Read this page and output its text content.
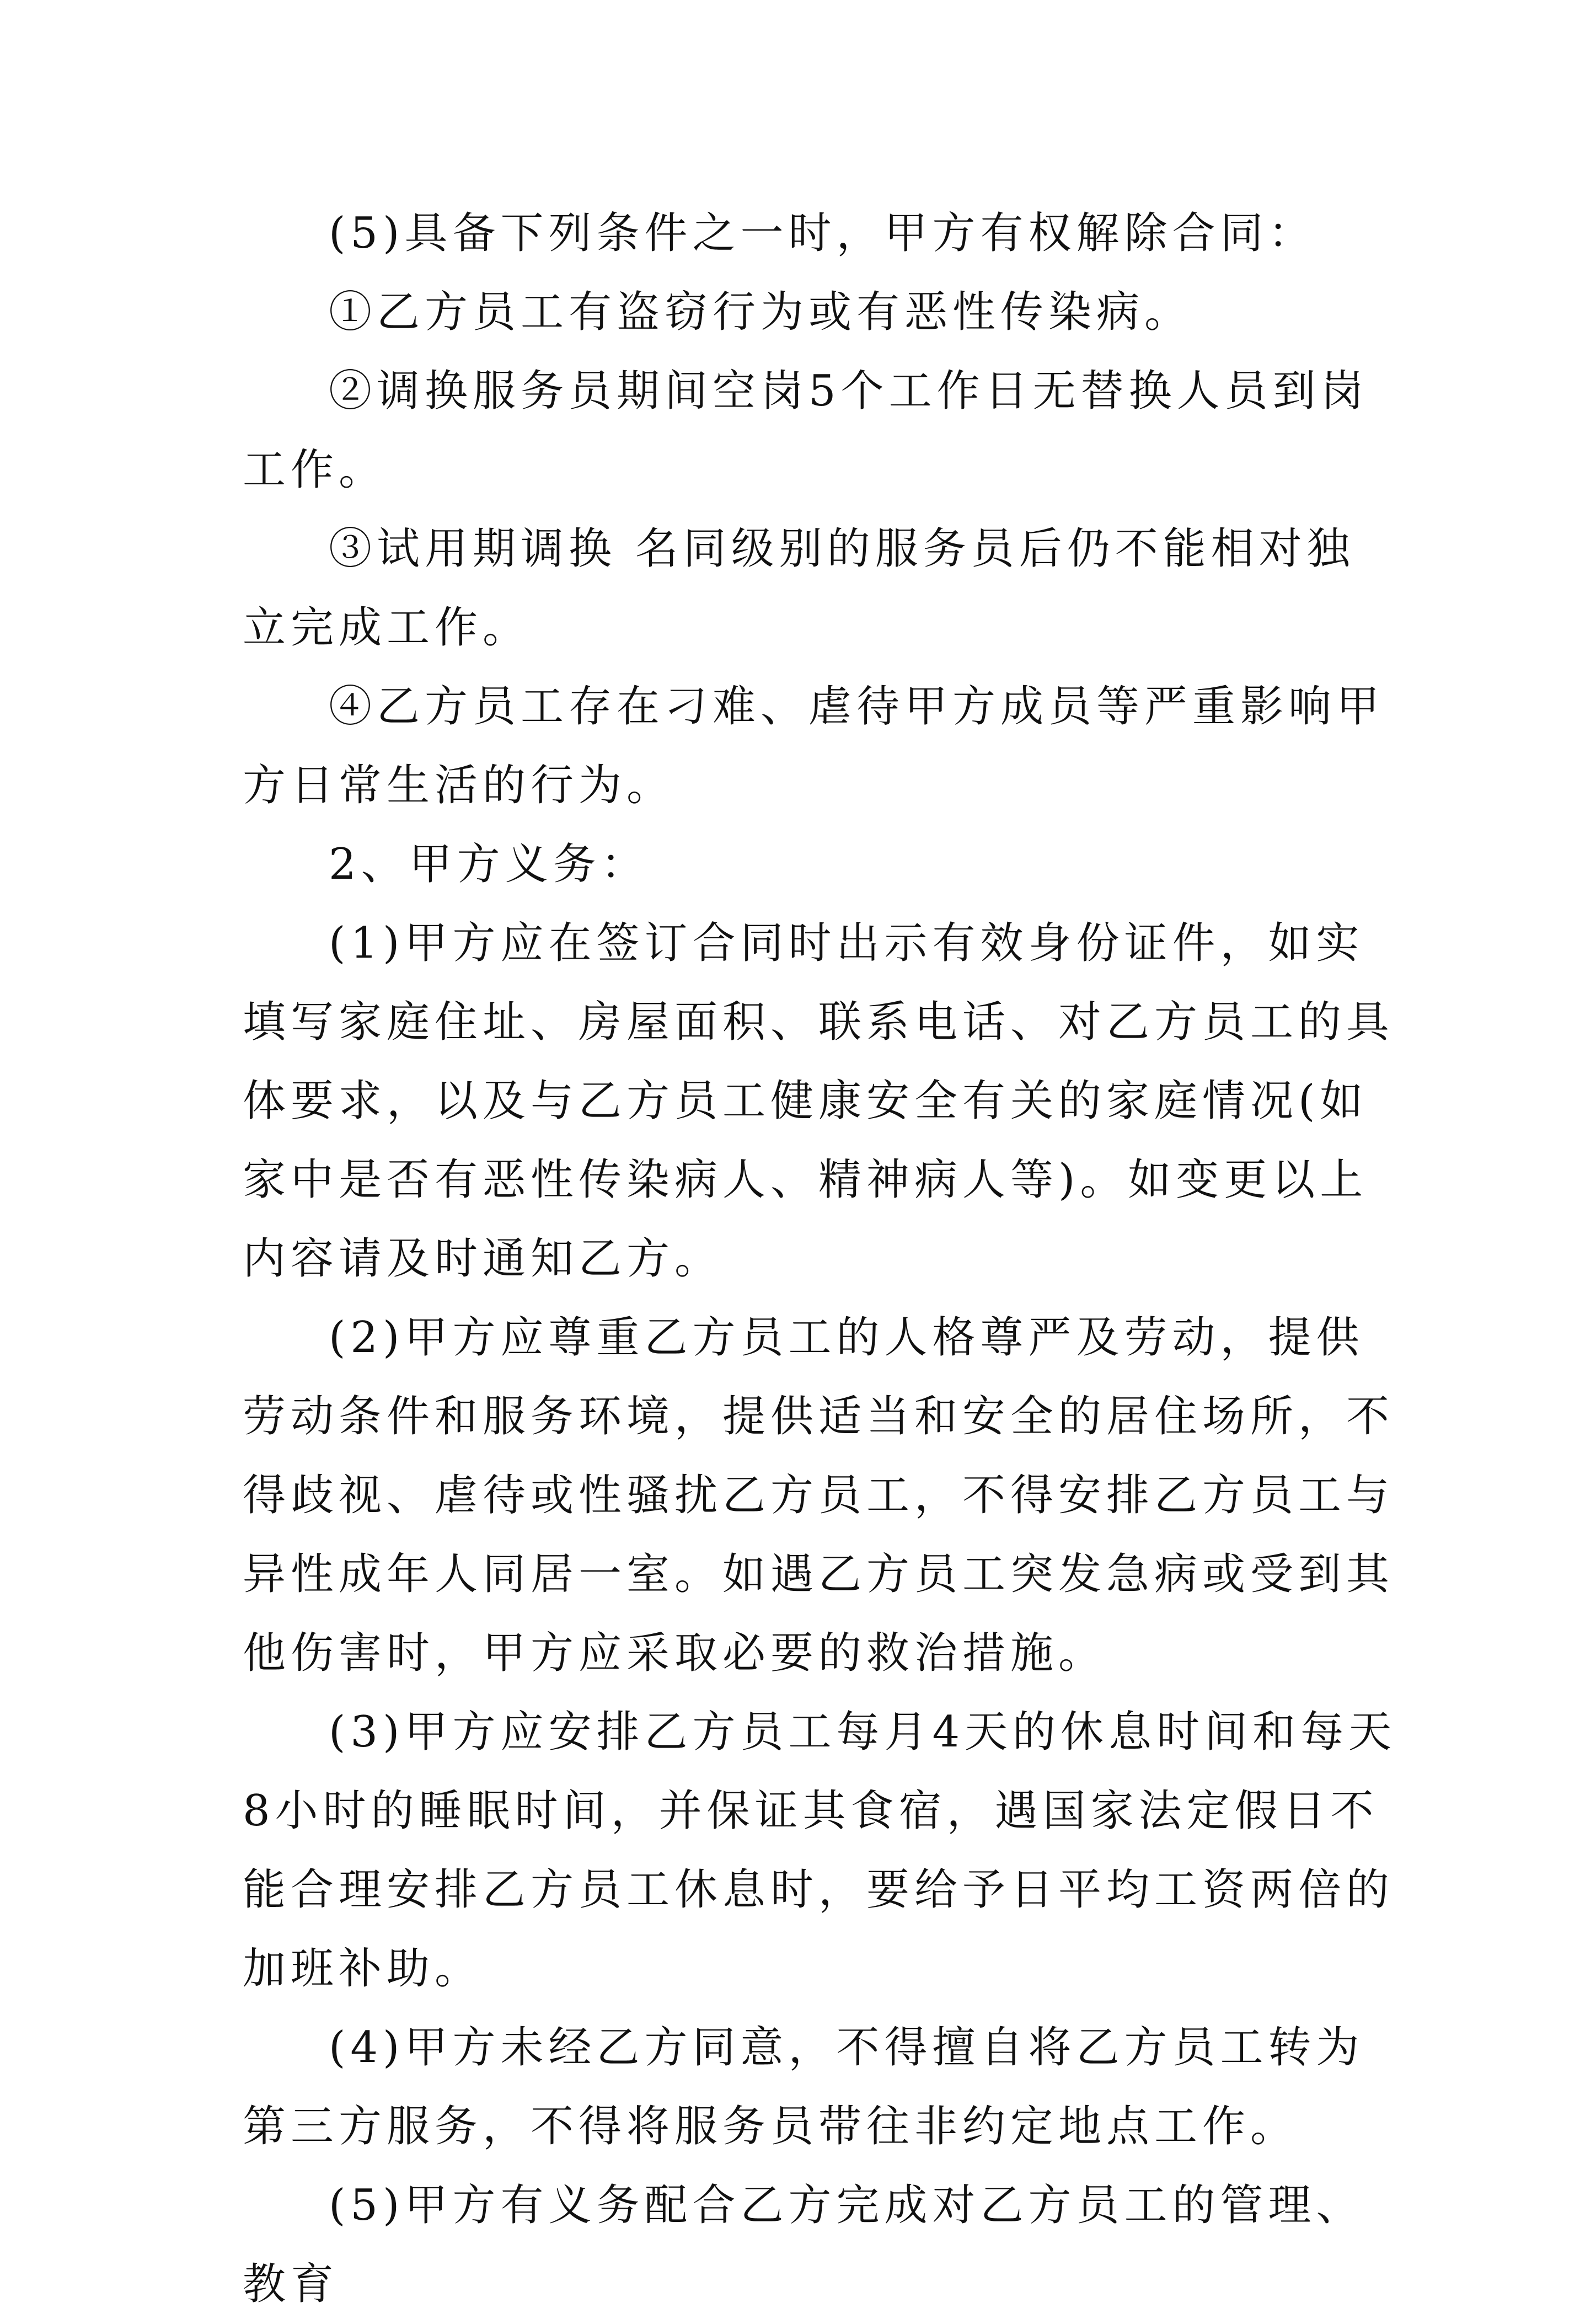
(5)具备下列条件之一时，甲方有权解除合同：

①乙方员工有盗窃行为或有恶性传染病。

②调换服务员期间空岗5个工作日无替换人员到岗工作。

③试用期调换 名同级别的服务员后仍不能相对独立完成工作。

④乙方员工存在刁难、虐待甲方成员等严重影响甲方日常生活的行为。

2、甲方义务：

(1)甲方应在签订合同时出示有效身份证件，如实填写家庭住址、房屋面积、联系电话、对乙方员工的具体要求，以及与乙方员工健康安全有关的家庭情况(如家中是否有恶性传染病人、精神病人等)。如变更以上内容请及时通知乙方。

(2)甲方应尊重乙方员工的人格尊严及劳动，提供劳动条件和服务环境，提供适当和安全的居住场所，不得歧视、虐待或性骚扰乙方员工，不得安排乙方员工与异性成年人同居一室。如遇乙方员工突发急病或受到其他伤害时，甲方应采取必要的救治措施。

(3)甲方应安排乙方员工每月4天的休息时间和每天8小时的睡眠时间，并保证其食宿，遇国家法定假日不能合理安排乙方员工休息时，要给予日平均工资两倍的加班补助。

(4)甲方未经乙方同意，不得擅自将乙方员工转为第三方服务，不得将服务员带往非约定地点工作。

(5)甲方有义务配合乙方完成对乙方员工的管理、教育
